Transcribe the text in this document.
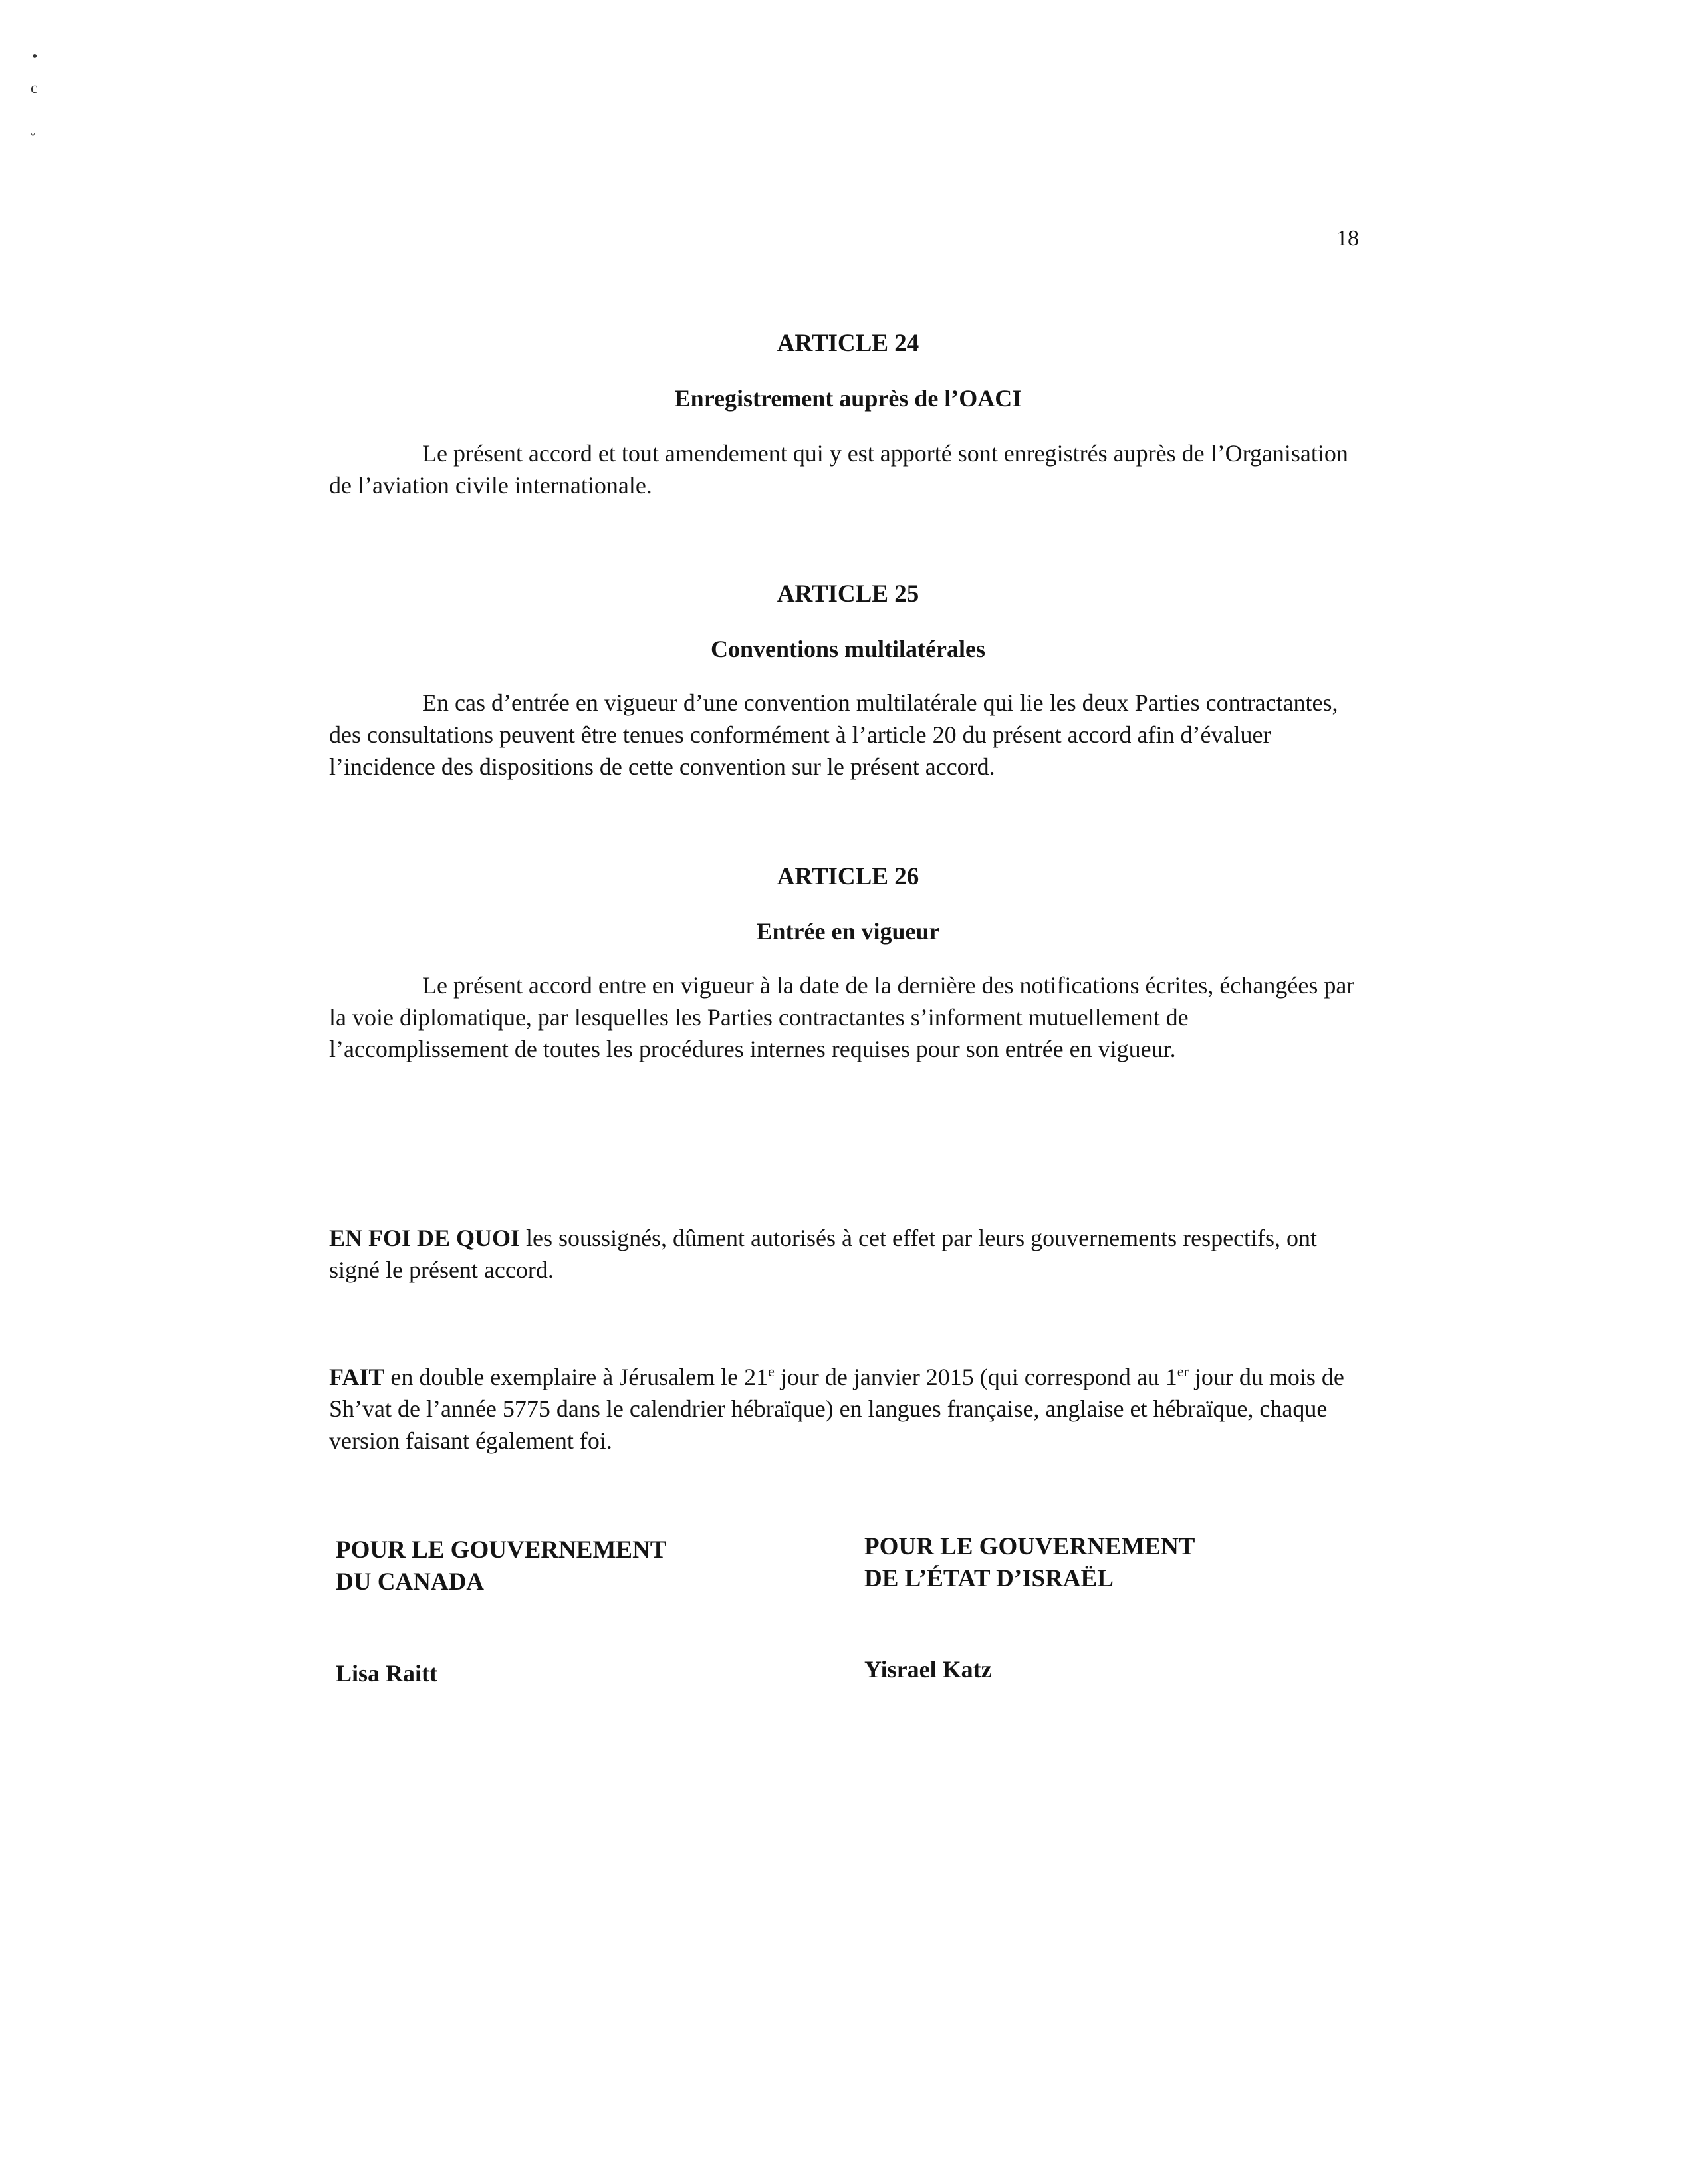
•
c
ᵕ
18
ARTICLE 24
Enregistrement auprès de l’OACI

Le présent accord et tout amendement qui y est apporté sont enregistrés auprès de l’Organisation de l’aviation civile internationale.

ARTICLE 25
Conventions multilatérales

En cas d’entrée en vigueur d’une convention multilatérale qui lie les deux Parties contractantes, des consultations peuvent être tenues conformément à l’article 20 du présent accord afin d’évaluer l’incidence des dispositions de cette convention sur le présent accord.

ARTICLE 26
Entrée en vigueur

Le présent accord entre en vigueur à la date de la dernière des notifications écrites, échangées par la voie diplomatique, par lesquelles les Parties contractantes s’informent mutuellement de l’accomplissement de toutes les procédures internes requises pour son entrée en vigueur.

EN FOI DE QUOI les soussignés, dûment autorisés à cet effet par leurs gouvernements respectifs, ont signé le présent accord.

FAIT en double exemplaire à Jérusalem le 21e jour de janvier 2015 (qui correspond au 1er jour du mois de Sh’vat de l’année 5775 dans le calendrier hébraïque) en langues française, anglaise et hébraïque, chaque version faisant également foi.

POUR LE GOUVERNEMENT
DU CANADA
POUR LE GOUVERNEMENT
DE L’ÉTAT D’ISRAËL
Lisa Raitt	Yisrael Katz
